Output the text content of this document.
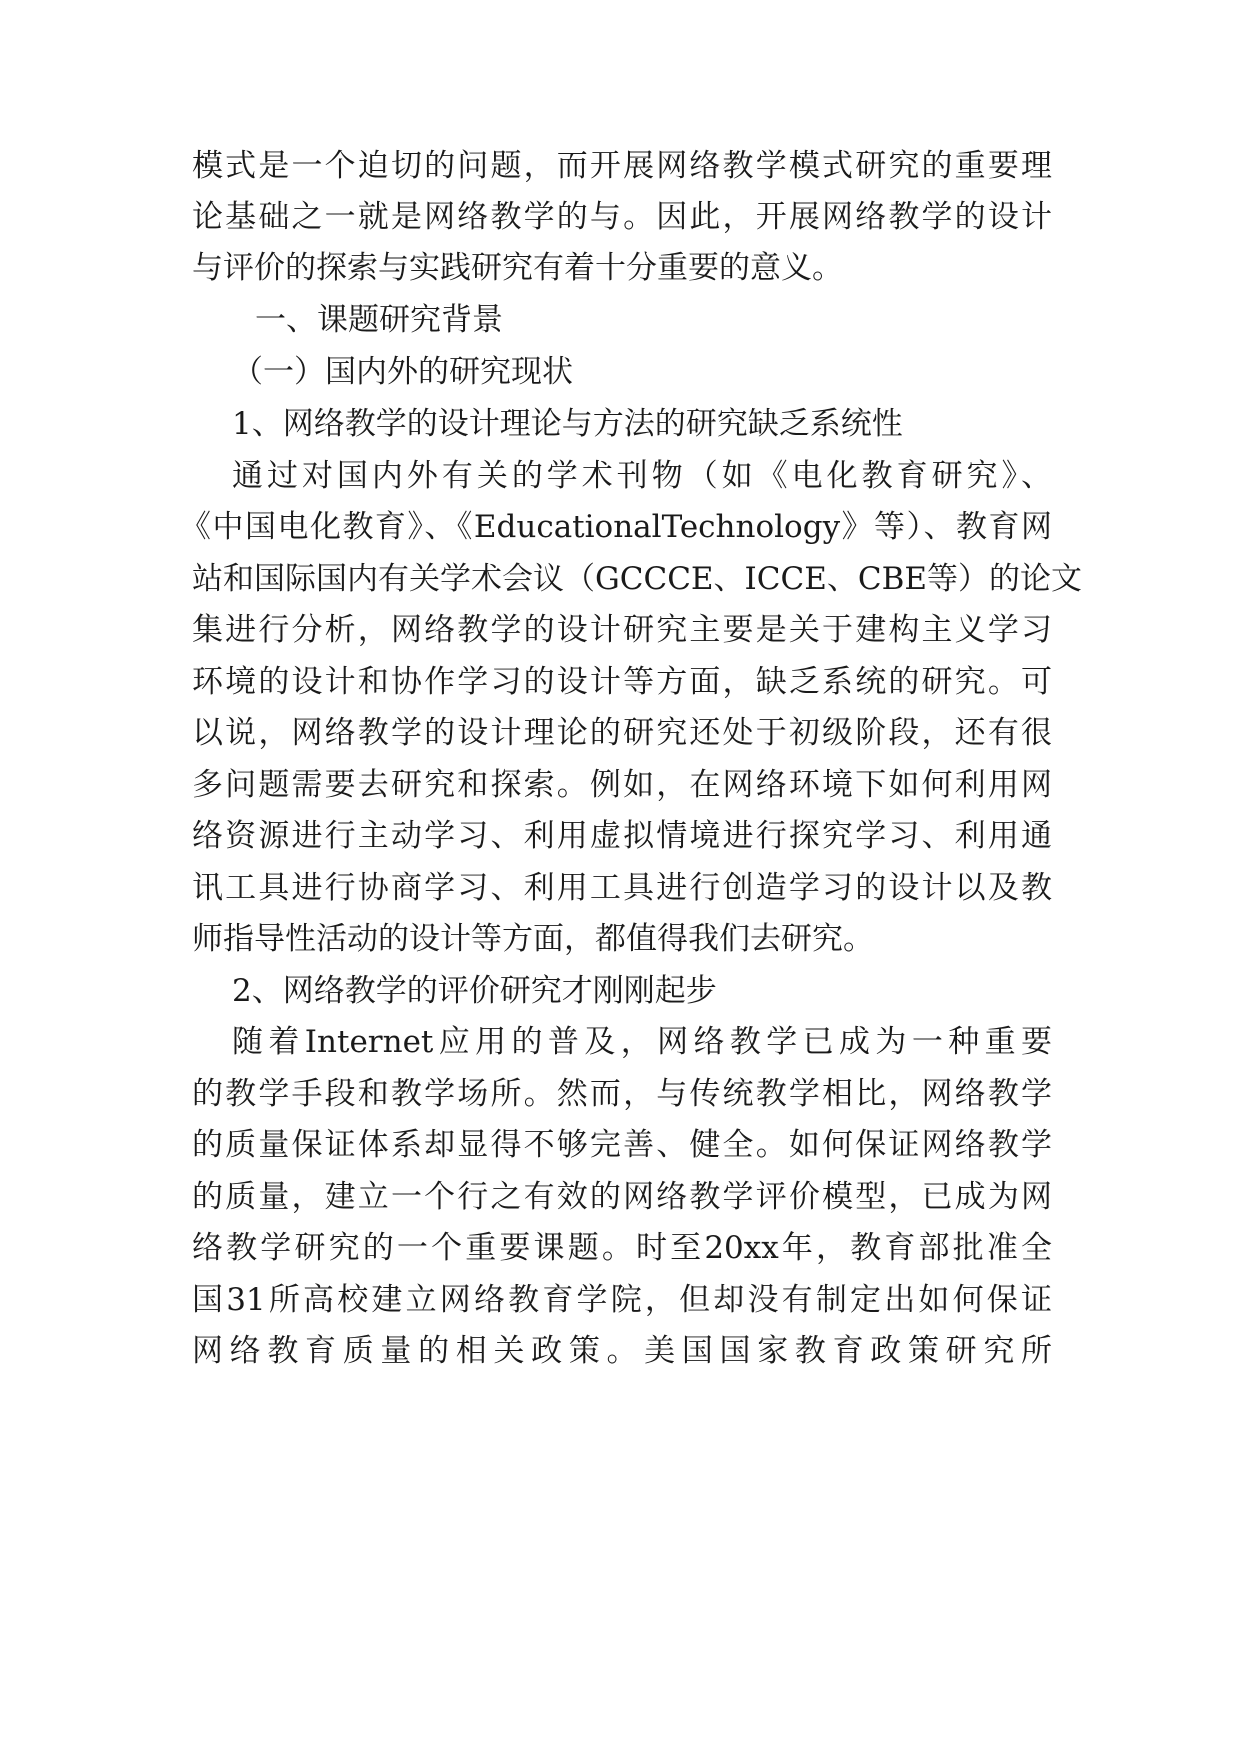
模式是一个迫切的问题，而开展网络教学模式研究的重要理
论基础之一就是网络教学的与。因此，开展网络教学的设计
与评价的探索与实践研究有着十分重要的意义。
一、课题研究背景
（一）国内外的研究现状
1、网络教学的设计理论与方法的研究缺乏系统性
通过对国内外有关的学术刊物（如《电化教育研究》、
《中国电化教育》、《EducationalTechnology》等）、教育网
站和国际国内有关学术会议（GCCCE、ICCE、CBE等）的论文
集进行分析，网络教学的设计研究主要是关于建构主义学习
环境的设计和协作学习的设计等方面，缺乏系统的研究。可
以说，网络教学的设计理论的研究还处于初级阶段，还有很
多问题需要去研究和探索。例如，在网络环境下如何利用网
络资源进行主动学习、利用虚拟情境进行探究学习、利用通
讯工具进行协商学习、利用工具进行创造学习的设计以及教
师指导性活动的设计等方面，都值得我们去研究。
2、网络教学的评价研究才刚刚起步
随着Internet应用的普及，网络教学已成为一种重要
的教学手段和教学场所。然而，与传统教学相比，网络教学
的质量保证体系却显得不够完善、健全。如何保证网络教学
的质量，建立一个行之有效的网络教学评价模型，已成为网
络教学研究的一个重要课题。时至20xx年，教育部批准全
国31所高校建立网络教育学院，但却没有制定出如何保证
网络教育质量的相关政策。美国国家教育政策研究所
